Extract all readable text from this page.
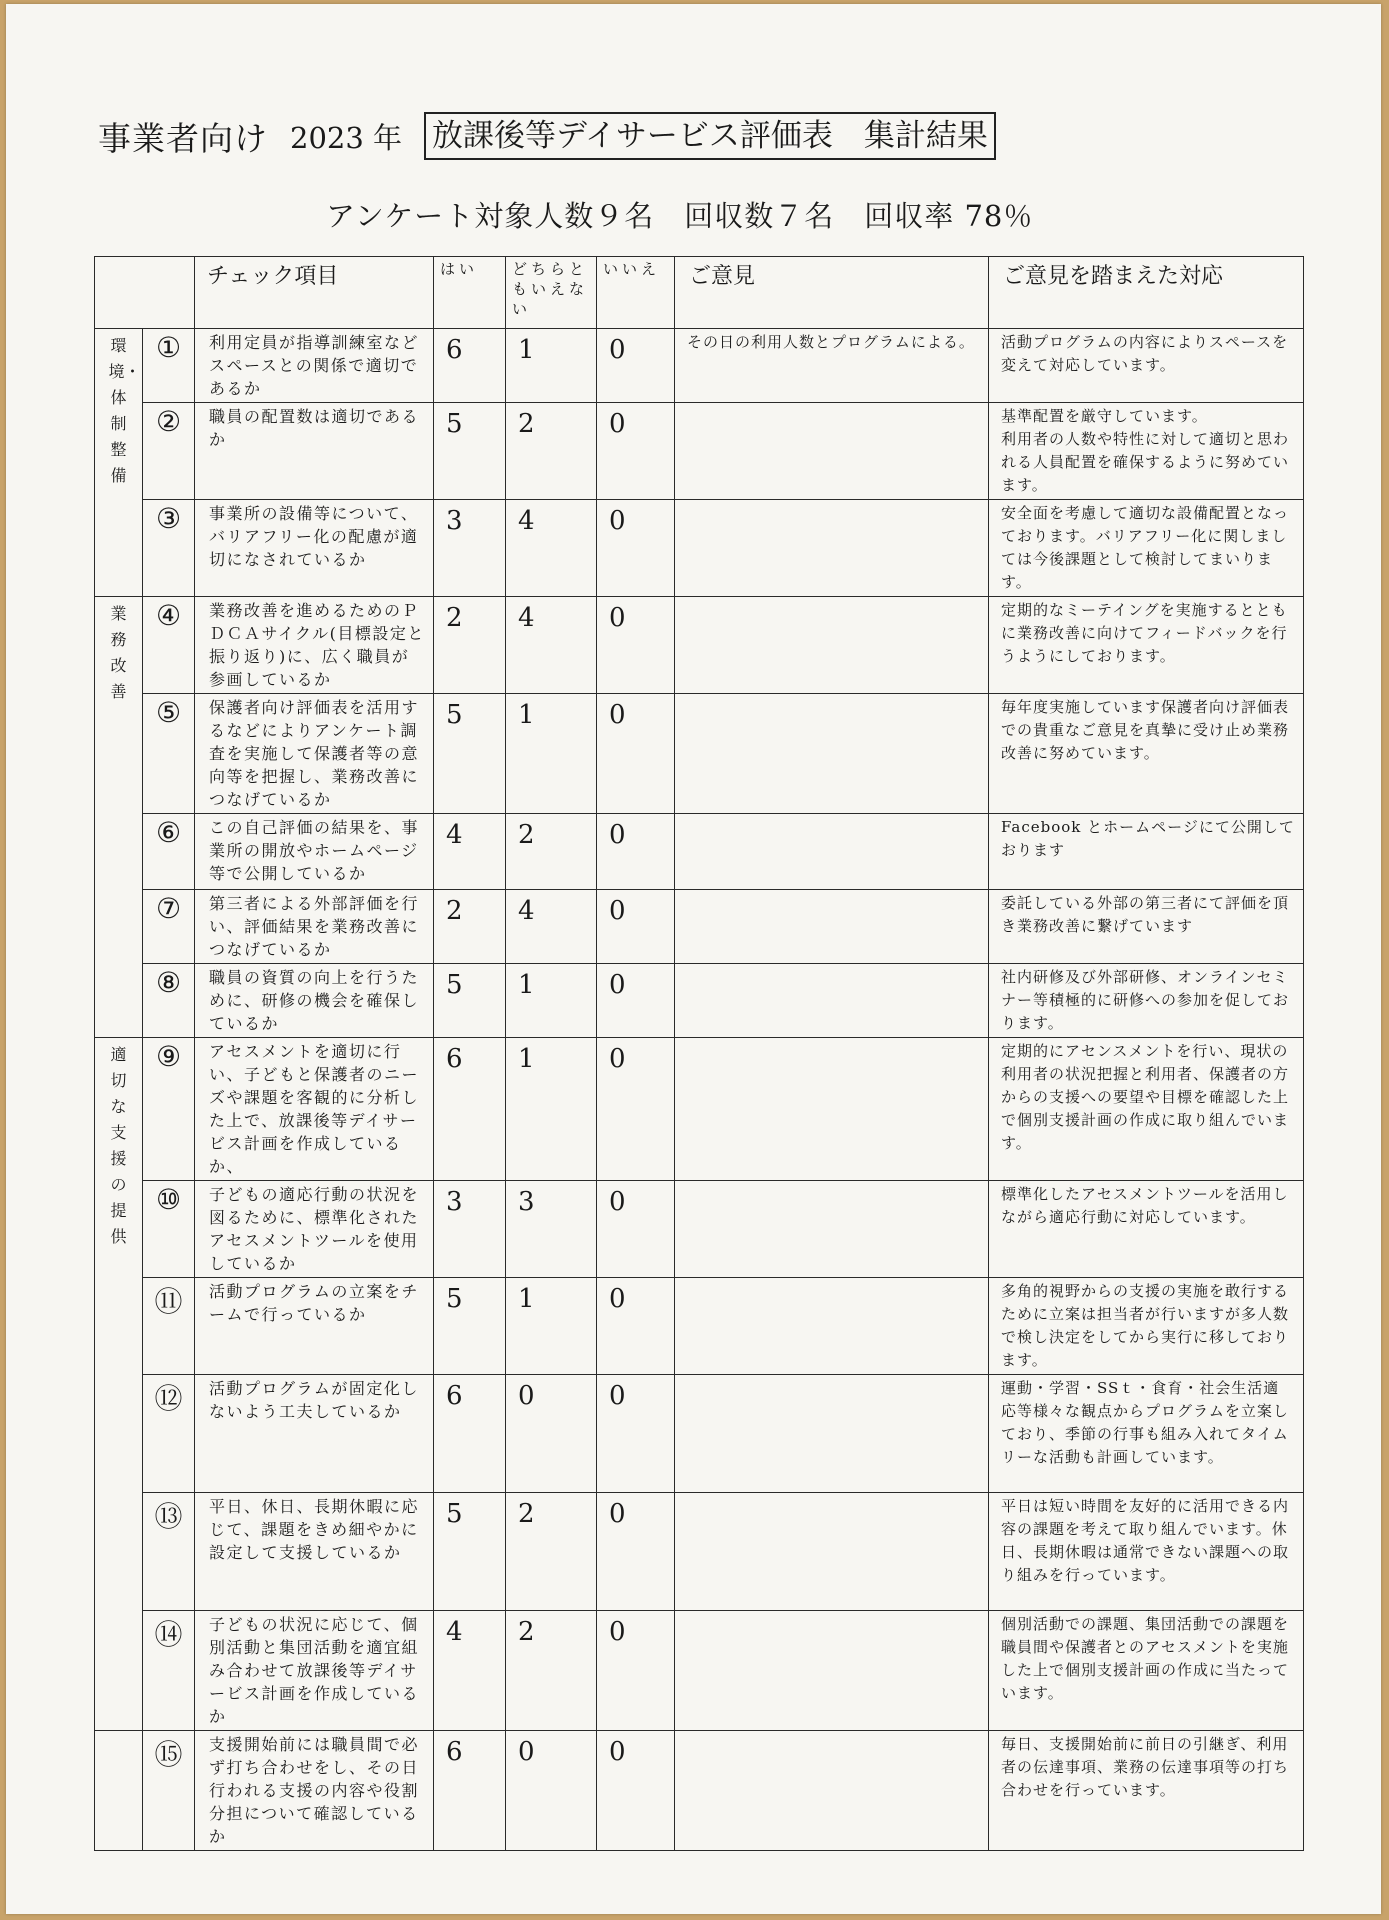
事業者向け 2023 年 放課後等デイサービス評価表　集計結果
アンケート対象人数９名　回収数７名　回収率 78％
		チェック項目	はい	どちらともいえない	いいえ	ご意見	ご意見を踏まえた対応

環境・体制整備	①	利用定員が指導訓練室などスペースとの関係で適切であるか	6	1	0	その日の利用人数とプログラムによる。	活動プログラムの内容によりスペースを変えて対応しています。
	②	職員の配置数は適切であるか	5	2	0		基準配置を厳守しています。
利用者の人数や特性に対して適切と思われる人員配置を確保するように努めています。
	③	事業所の設備等について、バリアフリー化の配慮が適切になされているか	3	4	0		安全面を考慮して適切な設備配置となっております。バリアフリー化に関しましては今後課題として検討してまいります。

業務改善	④	業務改善を進めるためのＰＤＣＡサイクル(目標設定と振り返り)に、広く職員が参画しているか	2	4	0		定期的なミーテイングを実施するとともに業務改善に向けてフィードバックを行うようにしております。
	⑤	保護者向け評価表を活用するなどによりアンケート調査を実施して保護者等の意向等を把握し、業務改善につなげているか	5	1	0		毎年度実施しています保護者向け評価表での貴重なご意見を真摯に受け止め業務改善に努めています。
	⑥	この自己評価の結果を、事業所の開放やホームページ等で公開しているか	4	2	0		Facebook とホームページにて公開しております
	⑦	第三者による外部評価を行い、評価結果を業務改善につなげているか	2	4	0		委託している外部の第三者にて評価を頂き業務改善に繋げています
	⑧	職員の資質の向上を行うために、研修の機会を確保しているか	5	1	0		社内研修及び外部研修、オンラインセミナー等積極的に研修への参加を促しております。

適切な支援の提供	⑨	アセスメントを適切に行い、子どもと保護者のニーズや課題を客観的に分析した上で、放課後等デイサービス計画を作成しているか、	6	1	0		定期的にアセンスメントを行い、現状の利用者の状況把握と利用者、保護者の方からの支援への要望や目標を確認した上で個別支援計画の作成に取り組んでいます。
	⑩	子どもの適応行動の状況を図るために、標準化されたアセスメントツールを使用しているか	3	3	0		標準化したアセスメントツールを活用しながら適応行動に対応しています。
	⑪	活動プログラムの立案をチームで行っているか	5	1	0		多角的視野からの支援の実施を敢行するために立案は担当者が行いますが多人数で検し決定をしてから実行に移しております。
	⑫	活動プログラムが固定化しないよう工夫しているか	6	0	0		運動・学習・SSｔ・食育・社会生活適応等様々な観点からプログラムを立案しており、季節の行事も組み入れてタイムリーな活動も計画しています。
	⑬	平日、休日、長期休暇に応じて、課題をきめ細やかに設定して支援しているか	5	2	0		平日は短い時間を友好的に活用できる内容の課題を考えて取り組んでいます。休日、長期休暇は通常できない課題への取り組みを行っています。
	⑭	子どもの状況に応じて、個別活動と集団活動を適宜組み合わせて放課後等デイサービス計画を作成しているか	4	2	0		個別活動での課題、集団活動での課題を職員間や保護者とのアセスメントを実施した上で個別支援計画の作成に当たっています。
	⑮	支援開始前には職員間で必ず打ち合わせをし、その日行われる支援の内容や役割分担について確認しているか	6	0	0		毎日、支援開始前に前日の引継ぎ、利用者の伝達事項、業務の伝達事項等の打ち合わせを行っています。
